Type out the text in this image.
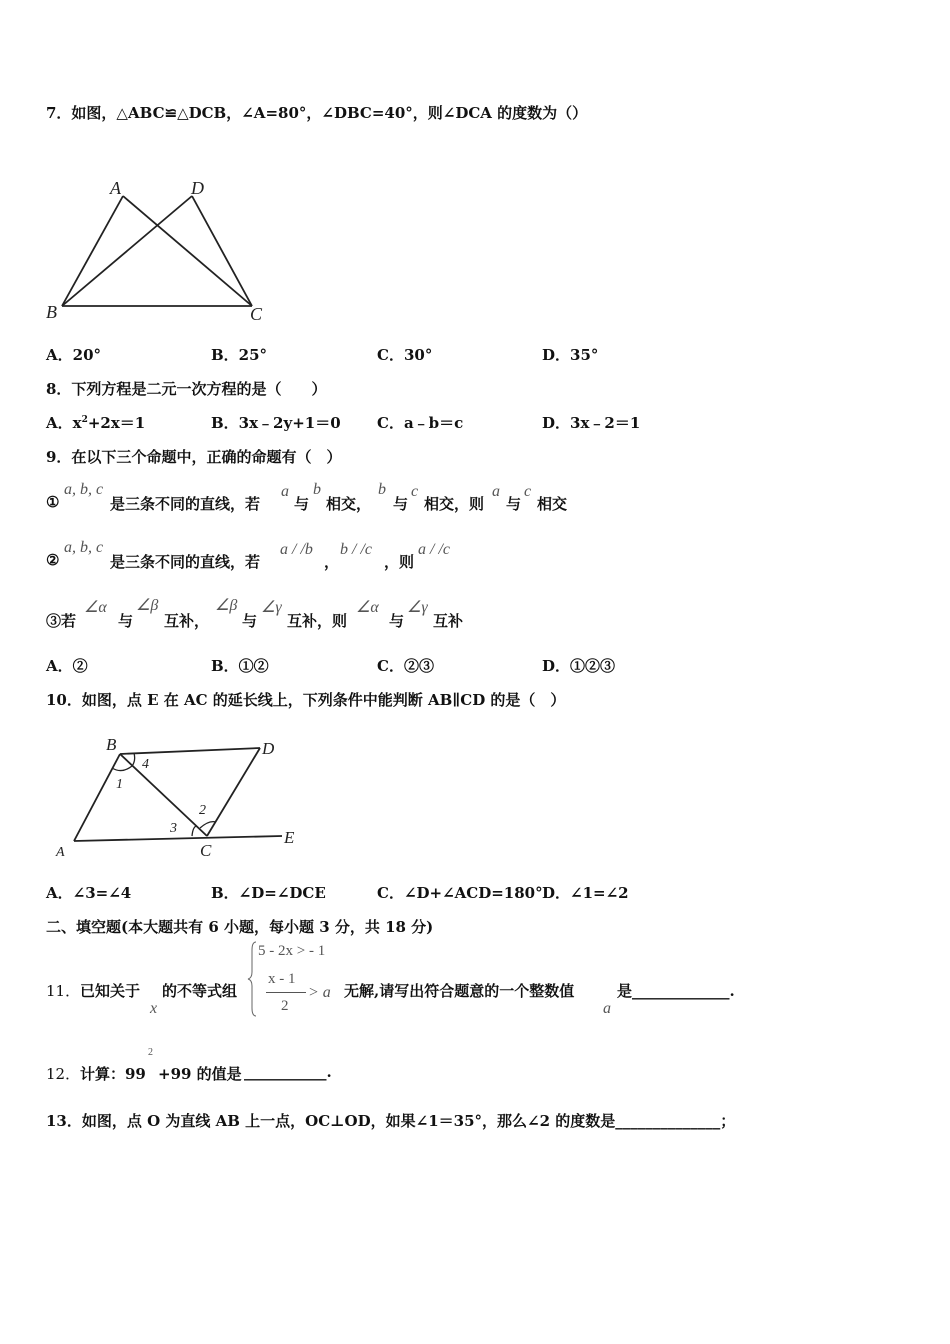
7．如图，△ABC≌△DCB，∠A=80°，∠DBC=40°，则∠DCA 的度数为（）
A	D
B	C
A．20°	B．25°	C．30°	D．35°
8．下列方程是二元一次方程的是（　　）
A．$x^2+2x=1$	B．3x﹣2y+1＝0 C．a﹣b＝c	D．3x﹣2＝1
9．在以下三个命题中，正确的命题有（　）
①
a, b, c
是三条不同的直线，若
a
与
b
相交，
b
与
c
相交，则
a
与
c
相交
②
a, b, c
是三条不同的直线，若
a / /b
，
b / /c
，则
a / /c
③若
∠α
与
∠β
互补，
∠β
与
∠γ
互补，则
∠α
与
∠γ
互补
A．②	B．①②	C．②③	D．①②③
10．如图，点 E 在 AC 的延长线上，下列条件中能判断 AB∥CD 的是（　）
B	D
A	C
E
1
4
3
2
A．∠3=∠4	B．∠D=∠DCE	C．∠D+∠ACD=180° D．∠1=∠2
二、填空题(本大题共有 6 小题，每小题 3 分，共 18 分)
11． 已知关于
x
的不等式组
5 - 2x > - 1
x - 1
2
> a 无解,请写出符合题意的一个整数值
a
是_____________.
12． 计算：99
2
+99 的值是 ___________.
13．如图，点 O 为直线 AB 上一点，OC⊥OD，如果∠1＝35°，那么∠2 的度数是______________；
